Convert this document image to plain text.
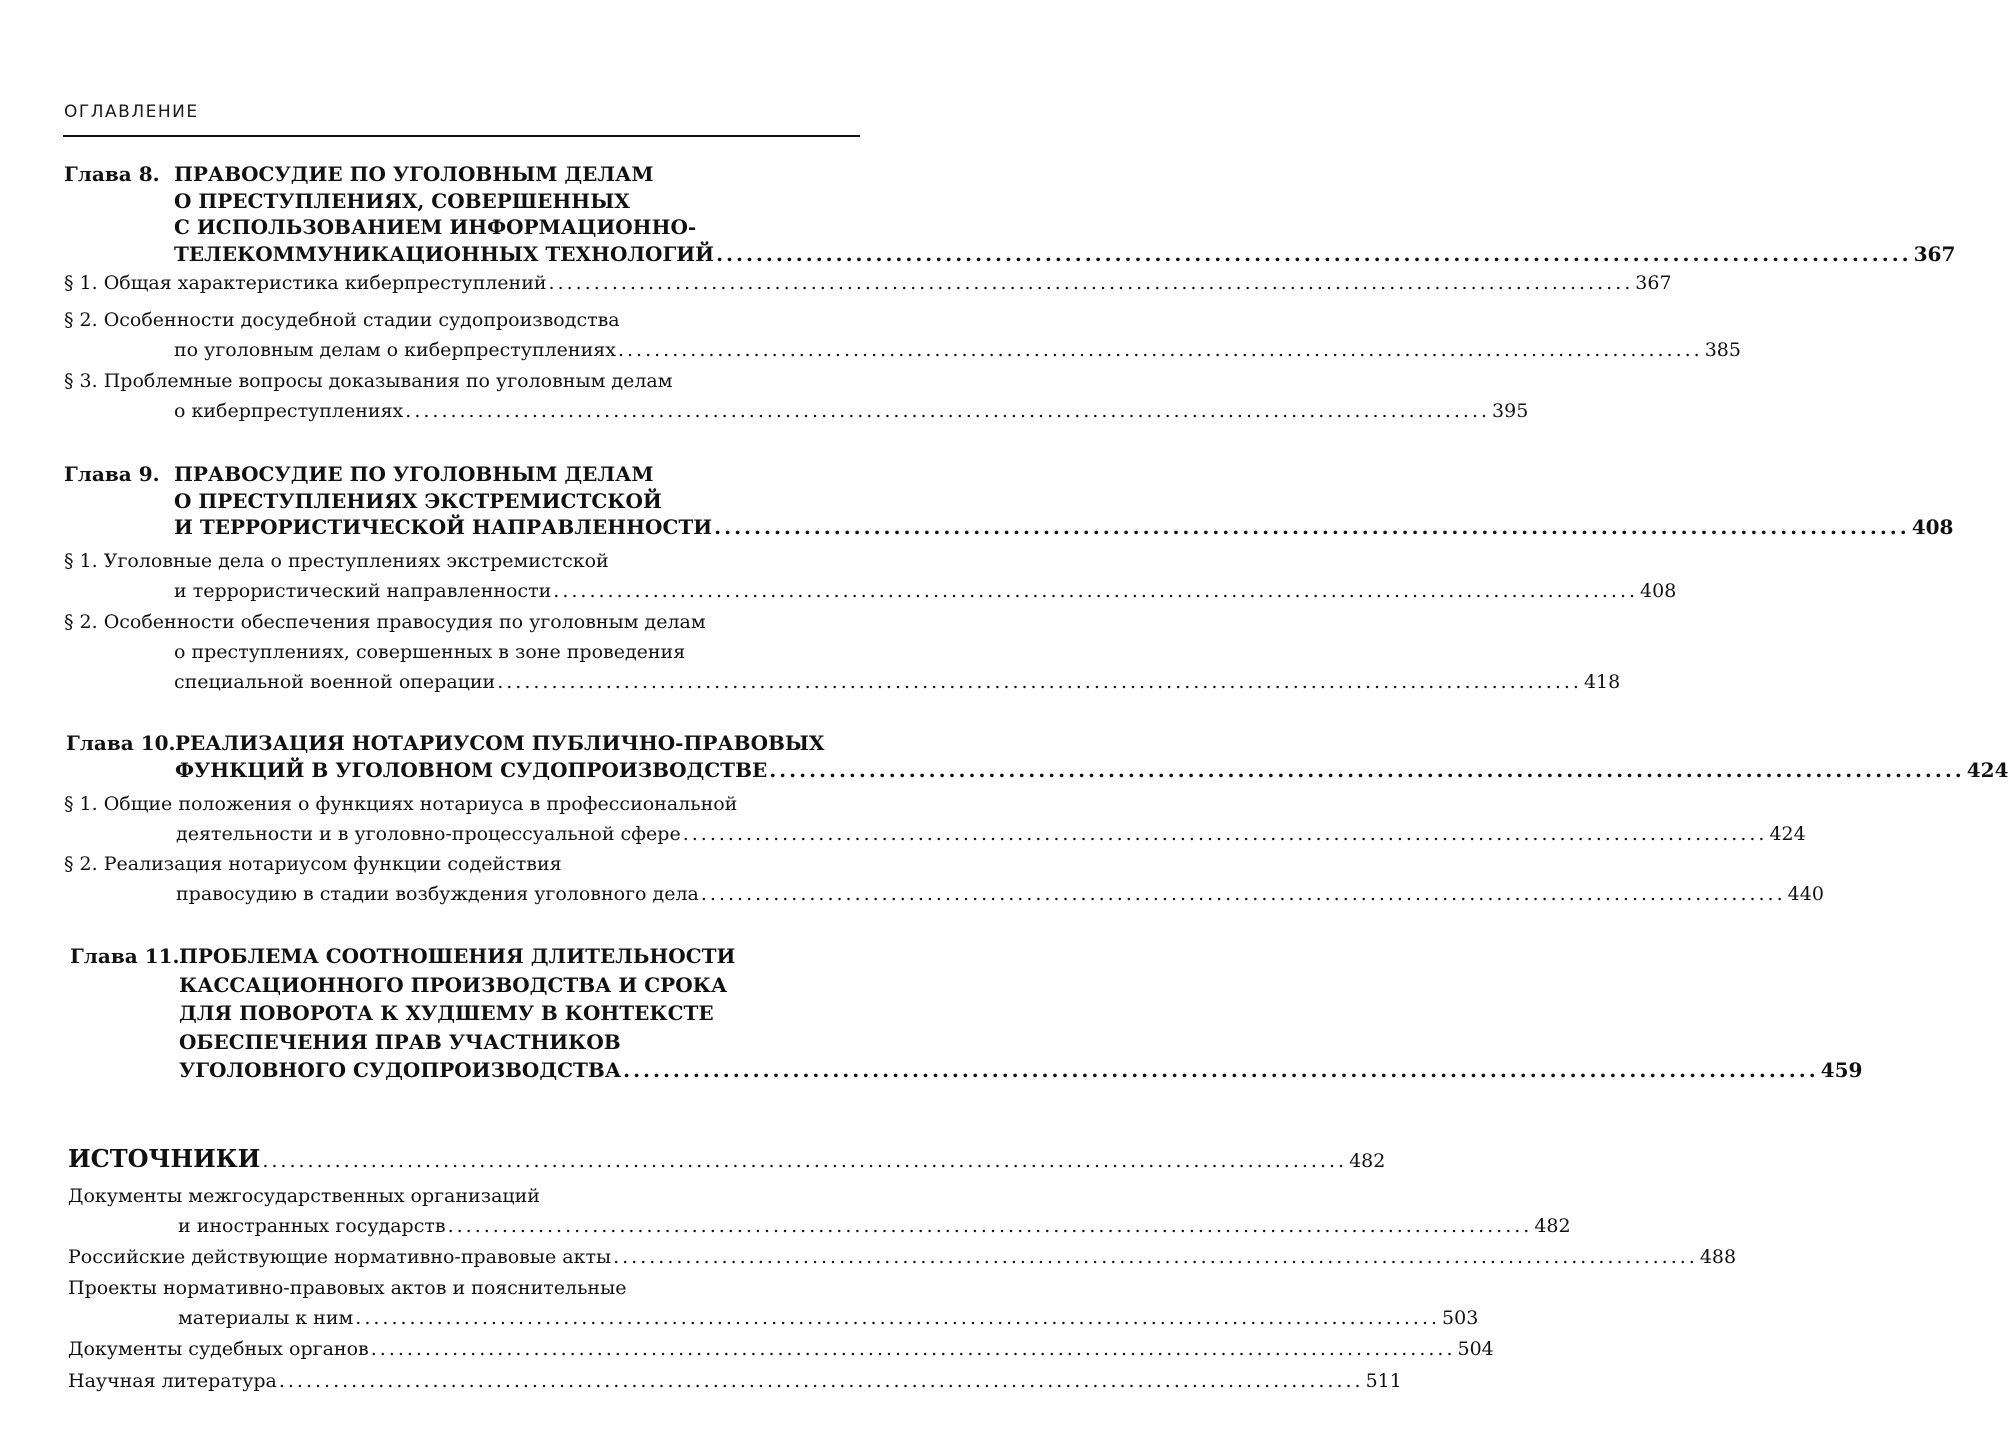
ОГЛАВЛЕНИЕ
Глава 8. ПРАВОСУДИЕ ПО УГОЛОВНЫМ ДЕЛАМ
О ПРЕСТУПЛЕНИЯХ, СОВЕРШЕННЫХ
С ИСПОЛЬЗОВАНИЕМ ИНФОРМАЦИОННО-
ТЕЛЕКОММУНИКАЦИОННЫХ ТЕХНОЛОГИЙ ........................................................................................................................ 367
§ 1. Общая характеристика киберпреступлений ........................................................................................................................ 367
§ 2. Особенности досудебной стадии судопроизводства
по уголовным делам о киберпреступлениях ........................................................................................................................ 385
§ 3. Проблемные вопросы доказывания по уголовным делам
о киберпреступлениях ........................................................................................................................ 395
Глава 9. ПРАВОСУДИЕ ПО УГОЛОВНЫМ ДЕЛАМ
О ПРЕСТУПЛЕНИЯХ ЭКСТРЕМИСТСКОЙ
И ТЕРРОРИСТИЧЕСКОЙ НАПРАВЛЕННОСТИ ........................................................................................................................ 408
§ 1. Уголовные дела о преступлениях экстремистской
и террористический направленности ........................................................................................................................ 408
§ 2. Особенности обеспечения правосудия по уголовным делам
о преступлениях, совершенных в зоне проведения
специальной военной операции ........................................................................................................................ 418
Глава 10. РЕАЛИЗАЦИЯ НОТАРИУСОМ ПУБЛИЧНО-ПРАВОВЫХ
ФУНКЦИЙ В УГОЛОВНОМ СУДОПРОИЗВОДСТВЕ ........................................................................................................................ 424
§ 1. Общие положения о функциях нотариуса в профессиональной
деятельности и в уголовно-процессуальной сфере ........................................................................................................................ 424
§ 2. Реализация нотариусом функции содействия
правосудию в стадии возбуждения уголовного дела ........................................................................................................................ 440
Глава 11. ПРОБЛЕМА СООТНОШЕНИЯ ДЛИТЕЛЬНОСТИ
КАССАЦИОННОГО ПРОИЗВОДСТВА И СРОКА
ДЛЯ ПОВОРОТА К ХУДШЕМУ В КОНТЕКСТЕ
ОБЕСПЕЧЕНИЯ ПРАВ УЧАСТНИКОВ
УГОЛОВНОГО СУДОПРОИЗВОДСТВА ........................................................................................................................ 459
ИСТОЧНИКИ ........................................................................................................................ 482
Документы межгосударственных организаций
и иностранных государств ........................................................................................................................ 482
Российские действующие нормативно-правовые акты ........................................................................................................................ 488
Проекты нормативно-правовых актов и пояснительные
материалы к ним ........................................................................................................................ 503
Документы судебных органов ........................................................................................................................ 504
Научная литература ........................................................................................................................ 511
